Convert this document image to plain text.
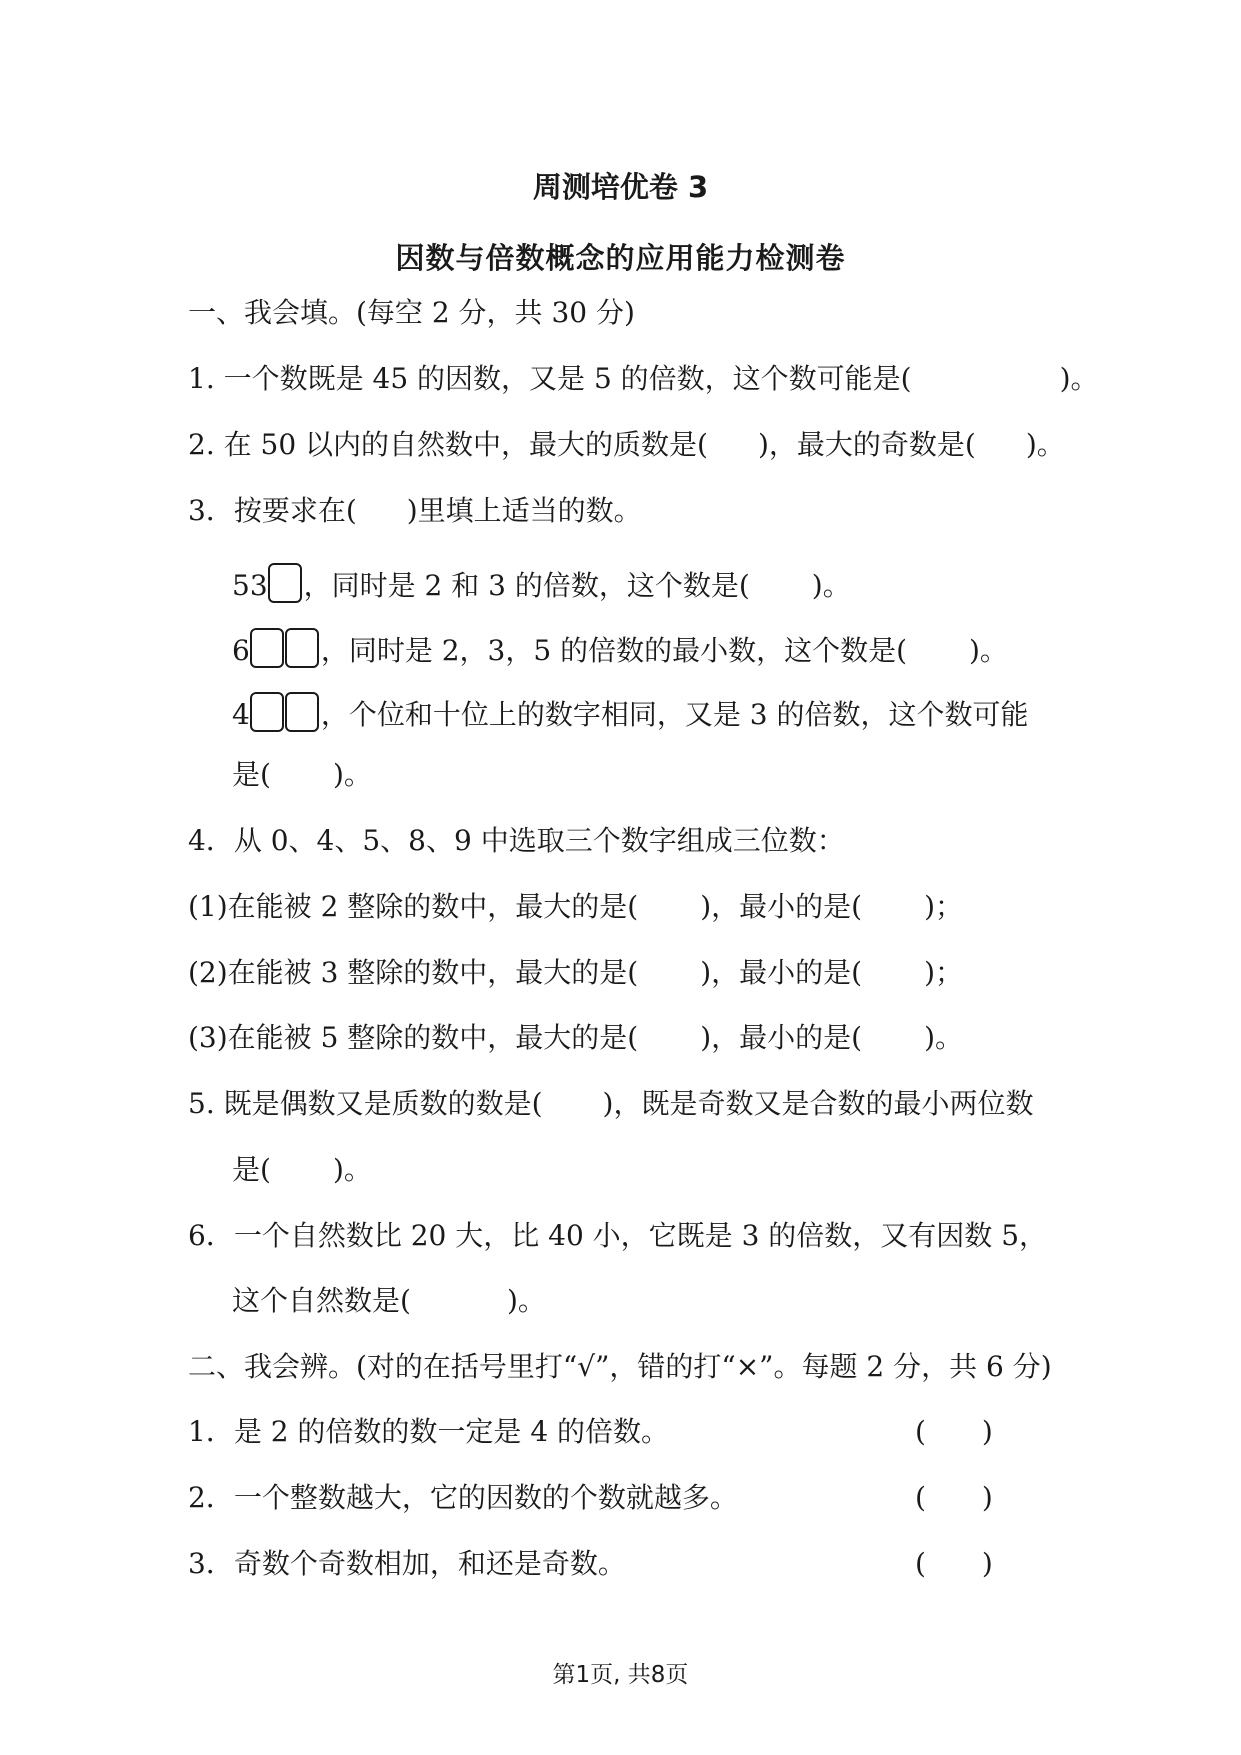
周测培优卷 3
因数与倍数概念的应用能力检测卷
一、我会填。(每空 2 分，共 30 分)
1. 一个数既是 45 的因数，又是 5 的倍数，这个数可能是(	)。
2. 在 50 以内的自然数中，最大的质数是( )，最大的奇数是( )。
3．按要求在( )里填上适当的数。
53 ，同时是 2 和 3 的倍数，这个数是( )。
6	，同时是 2，3，5 的倍数的最小数，这个数是( )。
4	，个位和十位上的数字相同，又是 3 的倍数，这个数可能
是( )。
4．从 0、4、5、8、9 中选取三个数字组成三位数：
(1)在能被 2 整除的数中，最大的是( )，最小的是( )；
(2)在能被 3 整除的数中，最大的是( )，最小的是( )；
(3)在能被 5 整除的数中，最大的是( )，最小的是( )。
5. 既是偶数又是质数的数是( )，既是奇数又是合数的最小两位数
是( )。
6．一个自然数比 20 大，比 40 小，它既是 3 的倍数，又有因数 5，
这个自然数是(	)。
二、我会辨。(对的在括号里打“√”，错的打“×”。每题 2 分，共 6 分)
1．是 2 的倍数的数一定是 4 的倍数。	(　　)
2．一个整数越大，它的因数的个数就越多。	(　　)
3．奇数个奇数相加，和还是奇数。	(　　)
第1页, 共8页
